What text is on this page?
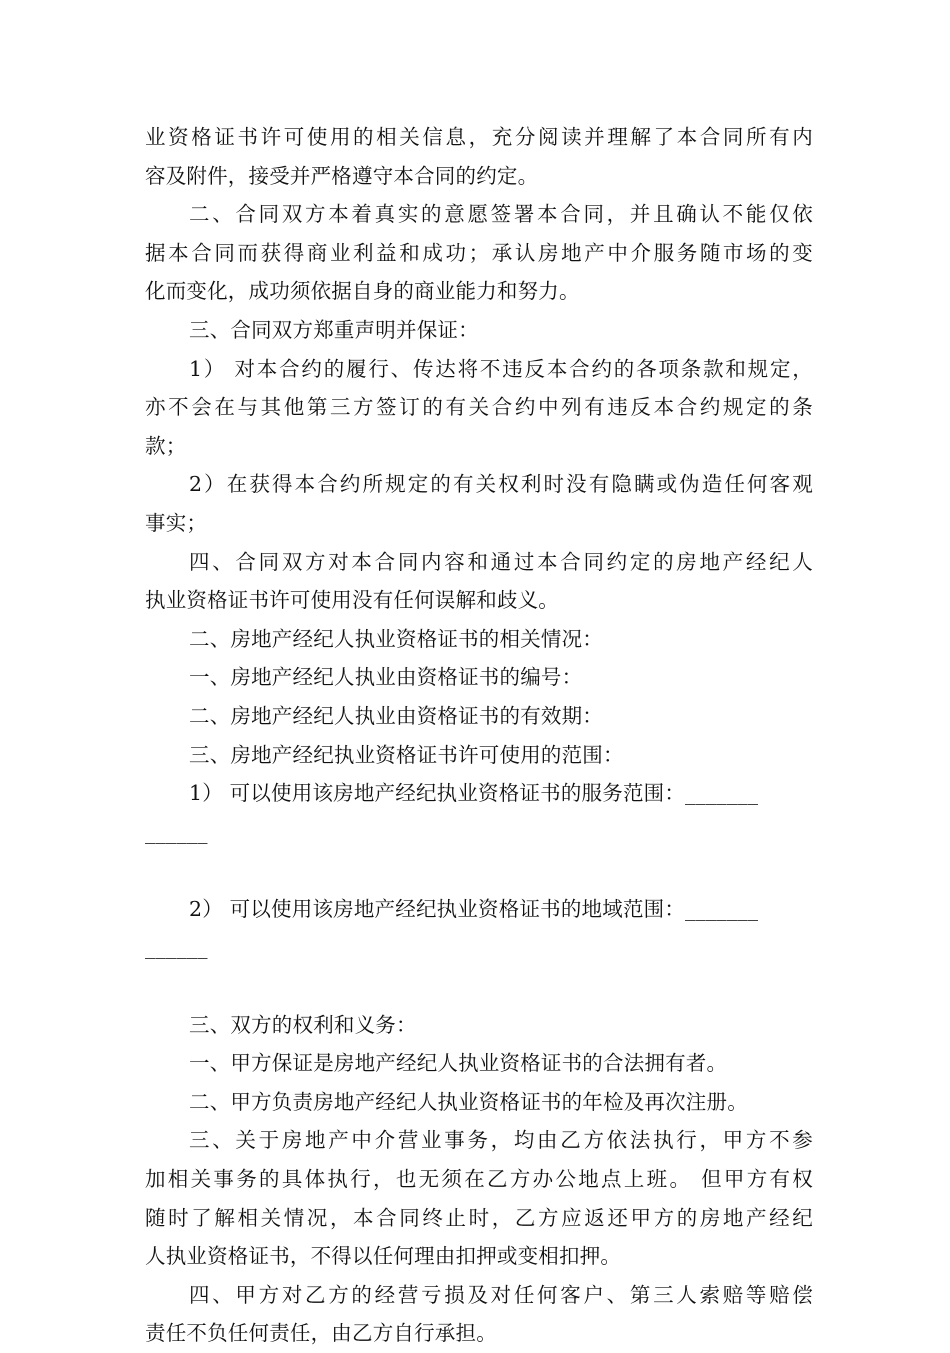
业资格证书许可使用的相关信息，充分阅读并理解了本合同所有内
容及附件，接受并严格遵守本合同的约定。
二、合同双方本着真实的意愿签署本合同，并且确认不能仅依
据本合同而获得商业利益和成功；承认房地产中介服务随市场的变
化而变化，成功须依据自身的商业能力和努力。
三、合同双方郑重声明并保证：
1） 对本合约的履行、传达将不违反本合约的各项条款和规定，
亦不会在与其他第三方签订的有关合约中列有违反本合约规定的条
款；
2）在获得本合约所规定的有关权利时没有隐瞒或伪造任何客观
事实；
四、合同双方对本合同内容和通过本合同约定的房地产经纪人
执业资格证书许可使用没有任何误解和歧义。
二、房地产经纪人执业资格证书的相关情况：
一、房地产经纪人执业由资格证书的编号：
二、房地产经纪人执业由资格证书的有效期：
三、房地产经纪执业资格证书许可使用的范围：
1） 可以使用该房地产经纪执业资格证书的服务范围：_______
______
2） 可以使用该房地产经纪执业资格证书的地域范围：_______
______
三、双方的权利和义务：
一、甲方保证是房地产经纪人执业资格证书的合法拥有者。
二、甲方负责房地产经纪人执业资格证书的年检及再次注册。
三、关于房地产中介营业事务，均由乙方依法执行，甲方不参
加相关事务的具体执行，也无须在乙方办公地点上班。 但甲方有权
随时了解相关情况，本合同终止时，乙方应返还甲方的房地产经纪
人执业资格证书，不得以任何理由扣押或变相扣押。
四、甲方对乙方的经营亏损及对任何客户、第三人索赔等赔偿
责任不负任何责任，由乙方自行承担。
